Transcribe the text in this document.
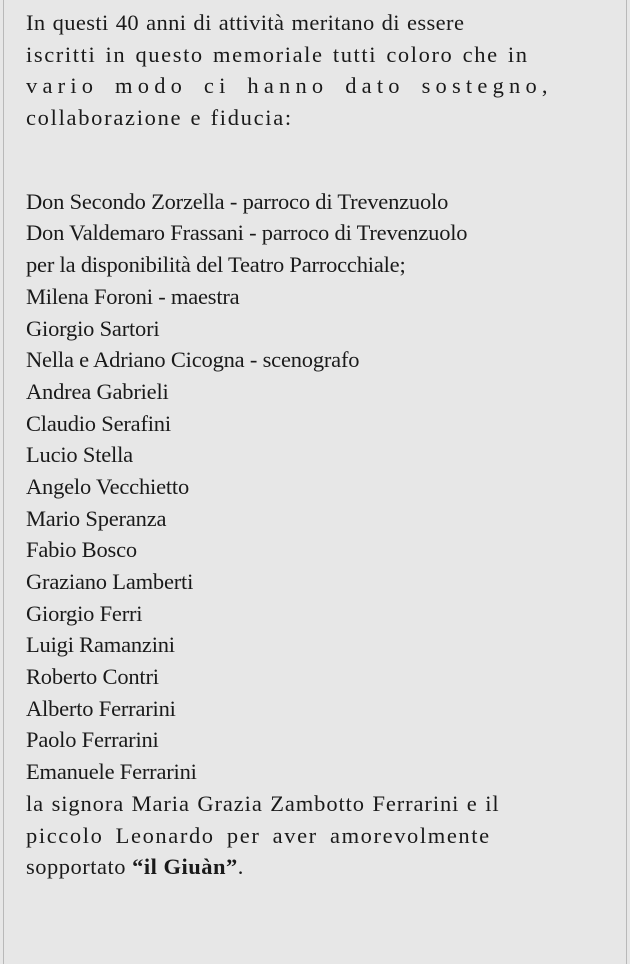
In questi 40 anni di attività meritano di essere
iscritti in questo memoriale tutti coloro che in
vario modo ci hanno dato sostegno,
collaborazione e fiducia:

Don Secondo Zorzella - parroco di Trevenzuolo
Don Valdemaro Frassani - parroco di Trevenzuolo
per la disponibilità del Teatro Parrocchiale;
Milena Foroni - maestra
Giorgio Sartori
Nella e Adriano Cicogna - scenografo
Andrea Gabrieli
Claudio Serafini
Lucio Stella
Angelo Vecchietto
Mario Speranza
Fabio Bosco
Graziano Lamberti
Giorgio Ferri
Luigi Ramanzini
Roberto Contri
Alberto Ferrarini
Paolo Ferrarini
Emanuele Ferrarini

la signora Maria Grazia Zambotto Ferrarini e il
piccolo Leonardo per aver amorevolmente
sopportato “il Giuàn”.
